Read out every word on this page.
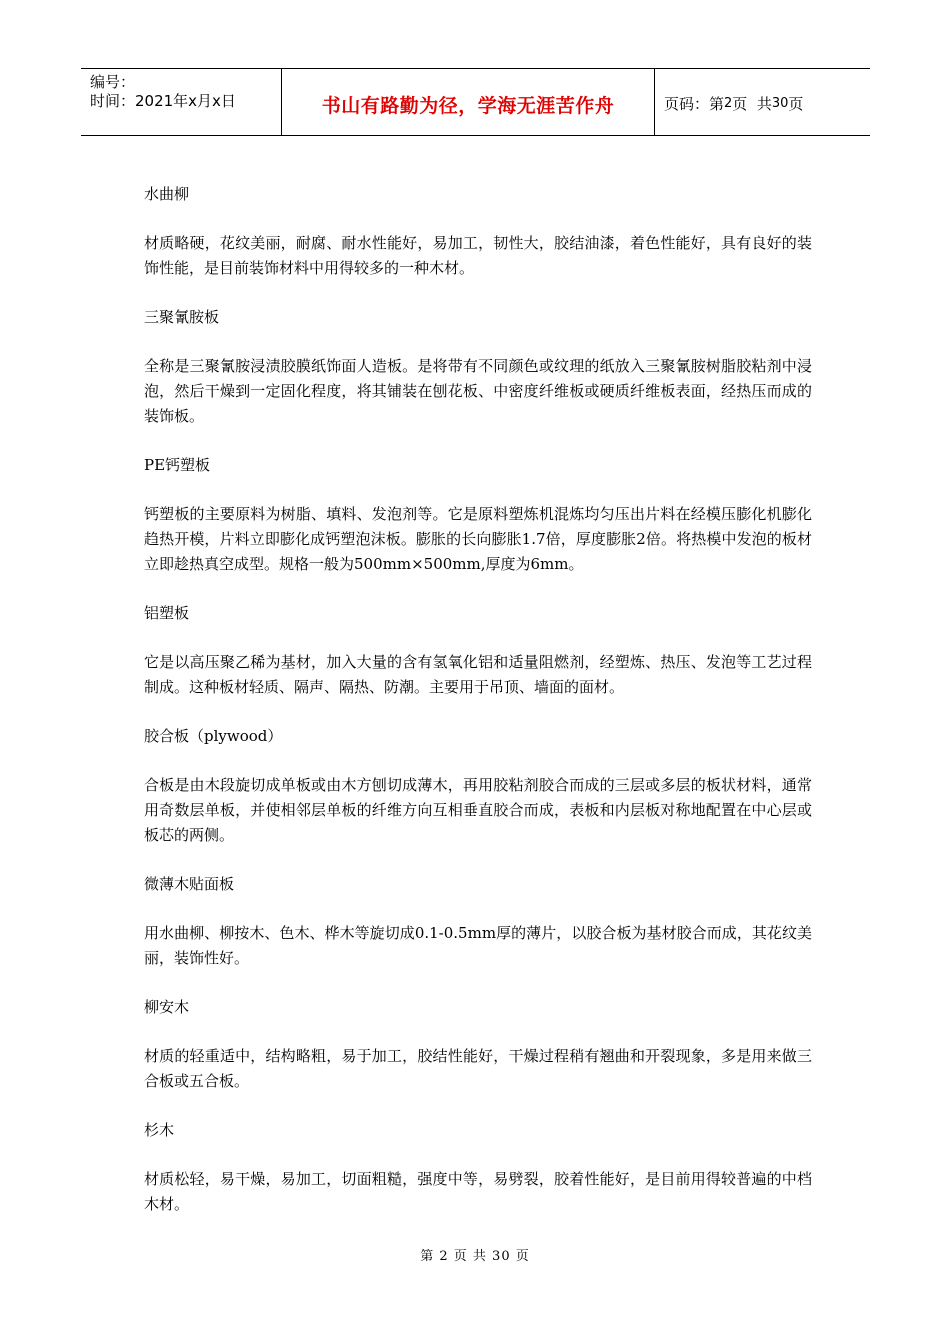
编号：
时间：2021年x月x日	书山有路勤为径，学海无涯苦作舟	页码：第 2 页  共 30 页

水曲柳

材质略硬，花纹美丽，耐腐、耐水性能好，易加工，韧性大，胶结油漆，着色性能好，具有良好的装饰性能，是目前装饰材料中用得较多的一种木材。

三聚氰胺板

全称是三聚氰胺浸渍胶膜纸饰面人造板。是将带有不同颜色或纹理的纸放入三聚氰胺树脂胶粘剂中浸泡，然后干燥到一定固化程度，将其铺装在刨花板、中密度纤维板或硬质纤维板表面，经热压而成的装饰板。

PE钙塑板

钙塑板的主要原料为树脂、填料、发泡剂等。它是原料塑炼机混炼均匀压出片料在经模压膨化机膨化趋热开模，片料立即膨化成钙塑泡沫板。膨胀的长向膨胀1.7倍，厚度膨胀2倍。将热模中发泡的板材立即趁热真空成型。规格一般为500mm×500mm,厚度为6mm。

铝塑板

它是以高压聚乙稀为基材，加入大量的含有氢氧化铝和适量阻燃剂，经塑炼、热压、发泡等工艺过程制成。这种板材轻质、隔声、隔热、防潮。主要用于吊顶、墙面的面材。

胶合板（plywood）

合板是由木段旋切成单板或由木方刨切成薄木，再用胶粘剂胶合而成的三层或多层的板状材料，通常用奇数层单板，并使相邻层单板的纤维方向互相垂直胶合而成，表板和内层板对称地配置在中心层或板芯的两侧。

微薄木贴面板

用水曲柳、柳按木、色木、桦木等旋切成0.1-0.5mm厚的薄片，以胶合板为基材胶合而成，其花纹美丽，装饰性好。

柳安木

材质的轻重适中，结构略粗，易于加工，胶结性能好，干燥过程稍有翘曲和开裂现象，多是用来做三合板或五合板。

杉木

材质松轻，易干燥，易加工，切面粗糙，强度中等，易劈裂，胶着性能好，是目前用得较普遍的中档木材。

第 2 页 共 30 页
